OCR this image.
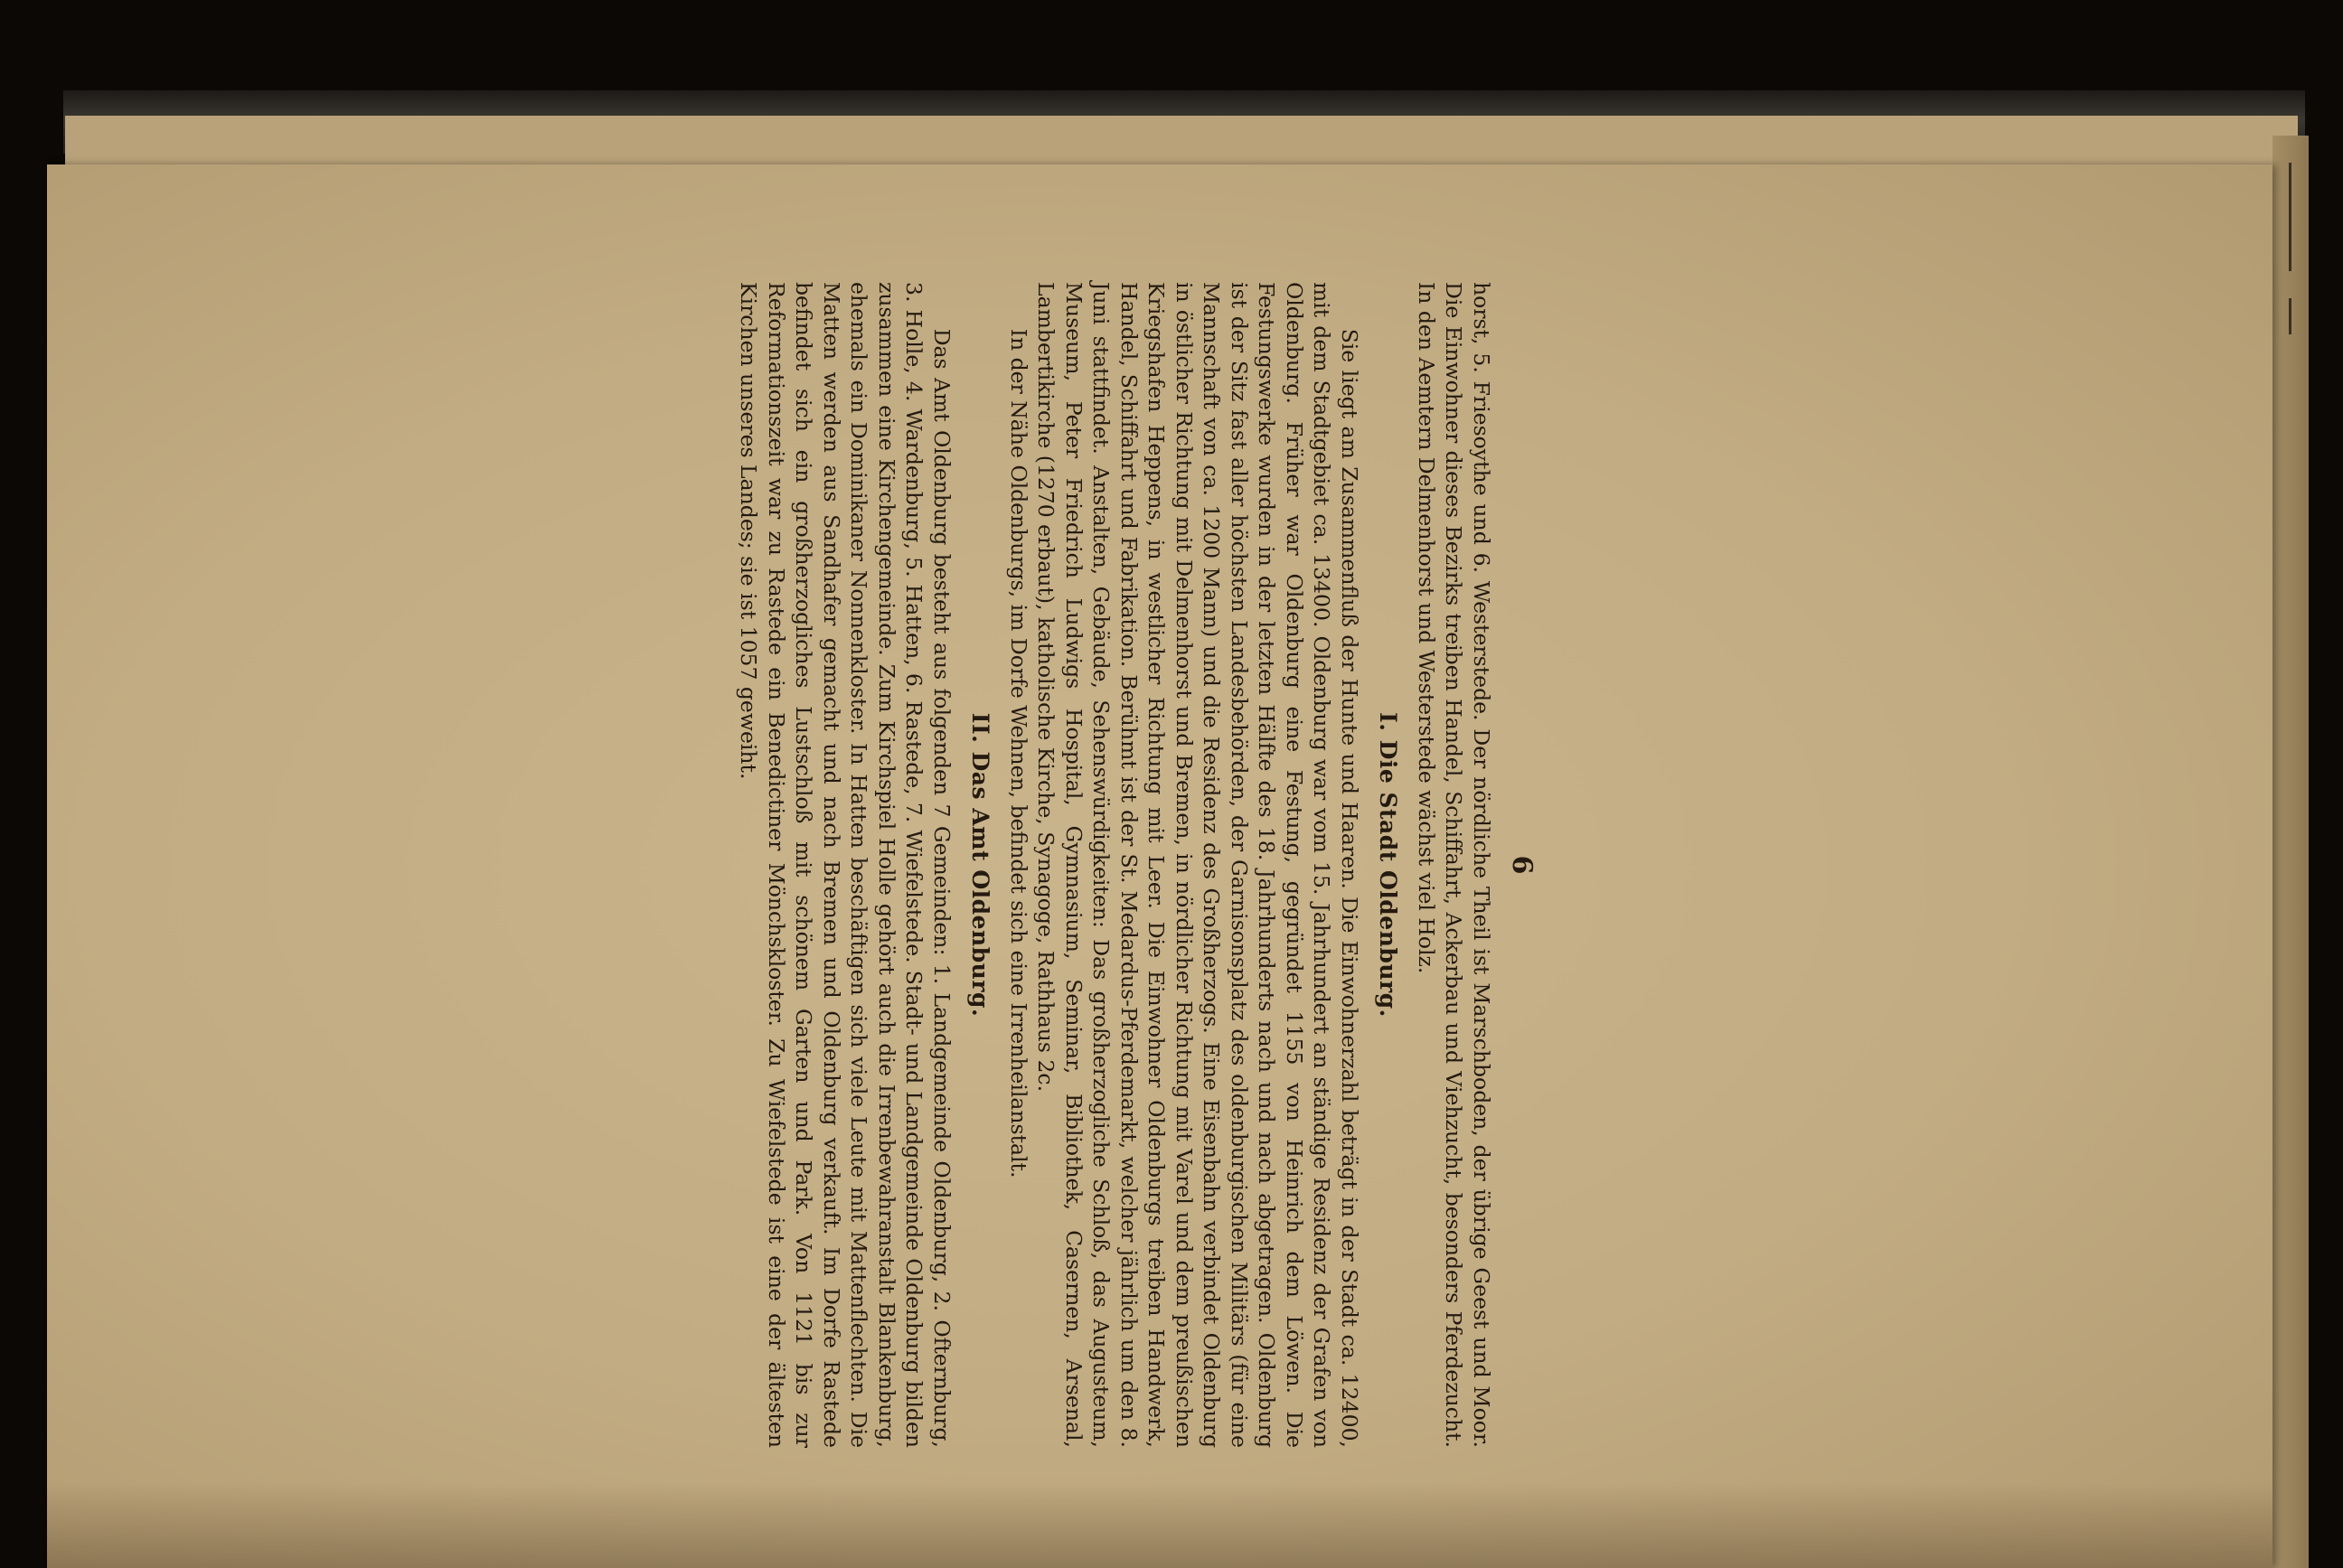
6

horst, 5. Friesoythe und 6. Westerstede. Der nördliche Theil ist Marschboden, der übrige Geest und Moor. Die Einwohner dieses Bezirks treiben Handel, Schiffahrt, Ackerbau und Viehzucht, besonders Pferdezucht. In den Aemtern Delmenhorst und Westerstede wächst viel Holz.

I. Die Stadt Oldenburg.

Sie liegt am Zusammenfluß der Hunte und Haaren. Die Einwohnerzahl beträgt in der Stadt ca. 12400, mit dem Stadtgebiet ca. 13400. Oldenburg war vom 15. Jahrhundert an ständige Residenz der Grafen von Oldenburg. Früher war Oldenburg eine Festung, gegründet 1155 von Heinrich dem Löwen. Die Festungswerke wurden in der letzten Hälfte des 18. Jahrhunderts nach und nach abgetragen. Oldenburg ist der Sitz fast aller höchsten Landesbehörden, der Garnisonsplatz des oldenburgischen Militärs (für eine Mannschaft von ca. 1200 Mann) und die Residenz des Großherzogs. Eine Eisenbahn verbindet Oldenburg in östlicher Richtung mit Delmenhorst und Bremen, in nördlicher Richtung mit Varel und dem preußischen Kriegshafen Heppens, in westlicher Richtung mit Leer. Die Einwohner Oldenburgs treiben Handwerk, Handel, Schiffahrt und Fabrikation. Berühmt ist der St. Medardus-Pferdemarkt, welcher jährlich um den 8. Juni stattfindet. Anstalten, Gebäude, Sehenswürdigkeiten: Das großherzogliche Schloß, das Augusteum, Museum, Peter Friedrich Ludwigs Hospital, Gymnasium, Seminar, Bibliothek, Casernen, Arsenal, Lambertikirche (1270 erbaut), katholische Kirche, Synagoge, Rathhaus 2c.

In der Nähe Oldenburgs, im Dorfe Wehnen, befindet sich eine Irrenheilanstalt.

II. Das Amt Oldenburg.

Das Amt Oldenburg besteht aus folgenden 7 Gemeinden: 1. Landgemeinde Oldenburg, 2. Ofternburg, 3. Holle, 4. Wardenburg, 5. Hatten, 6. Rastede, 7. Wiefelstede. Stadt- und Landgemeinde Oldenburg bilden zusammen eine Kirchengemeinde. Zum Kirchspiel Holle gehört auch die Irrenbewahranstalt Blankenburg, ehemals ein Dominikaner Nonnenkloster. In Hatten beschäftigen sich viele Leute mit Mattenflechten. Die Matten werden aus Sandhafer gemacht und nach Bremen und Oldenburg verkauft. Im Dorfe Rastede befindet sich ein großherzogliches Lustschloß mit schönem Garten und Park. Von 1121 bis zur Reformationszeit war zu Rastede ein Benedictiner Mönchskloster. Zu Wiefelstede ist eine der ältesten Kirchen unseres Landes; sie ist 1057 geweiht.
